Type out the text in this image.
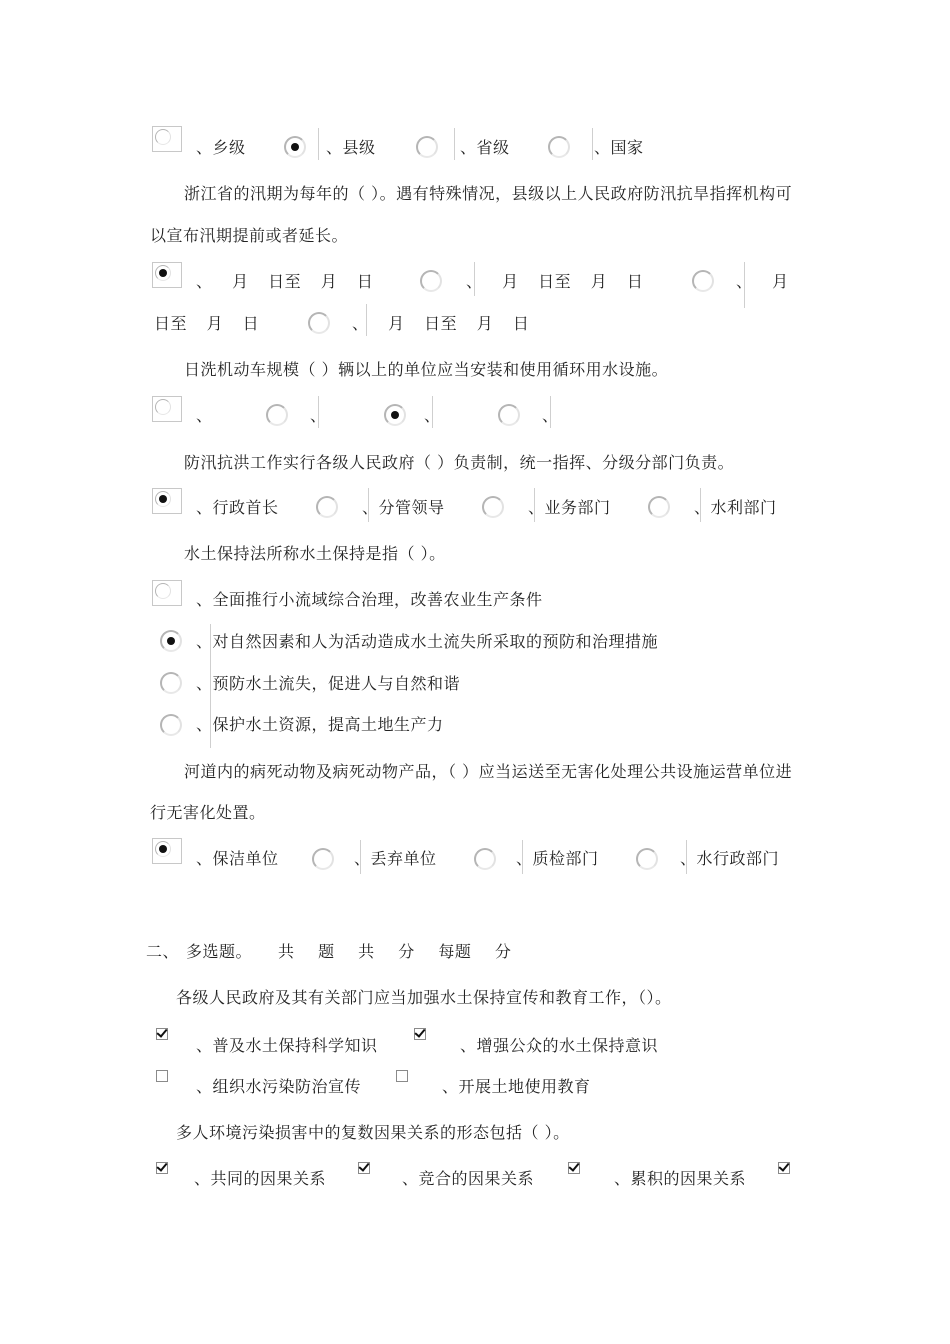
、乡级	、县级	、省级	、国家
浙江省的汛期为每年的（ ）。遇有特殊情况，县级以上人民政府防汛抗旱指挥机构可
以宣布汛期提前或者延长。
、 月 日至 月 日	、 月 日至 月 日	、 月
日至 月 日	、 月 日至 月 日
日洗机动车规模（ ）辆以上的单位应当安装和使用循环用水设施。
、	、	、	、
防汛抗洪工作实行各级人民政府（ ）负责制，统一指挥、分级分部门负责。
、行政首长	、分管领导	、业务部门	、水利部门
水土保持法所称水土保持是指（ ）。
、全面推行小流域综合治理，改善农业生产条件
、对自然因素和人为活动造成水土流失所采取的预防和治理措施
、预防水土流失，促进人与自然和谐
、保护水土资源，提高土地生产力
河道内的病死动物及病死动物产品，（ ）应当运送至无害化处理公共设施运营单位进
行无害化处置。
、保洁单位	、丢弃单位	、质检部门	、水行政部门
二、 多选题。 共 题 共 分 每题 分
各级人民政府及其有关部门应当加强水土保持宣传和教育工作，（）。
、普及水土保持科学知识	、增强公众的水土保持意识
、组织水污染防治宣传	、开展土地使用教育
多人环境污染损害中的复数因果关系的形态包括（ ）。
、共同的因果关系	、竞合的因果关系	、累积的因果关系
